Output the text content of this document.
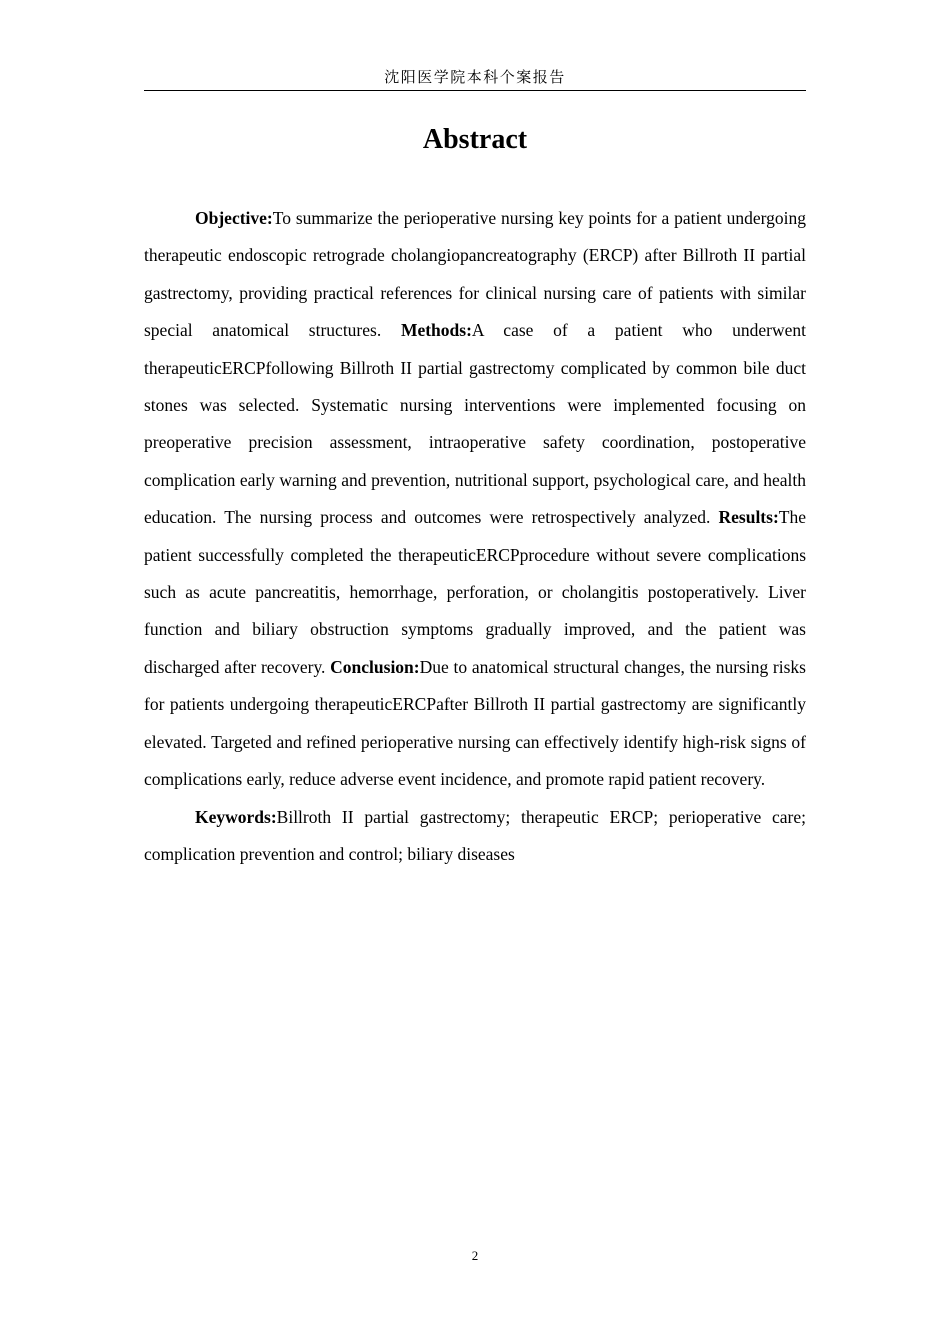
沈阳医学院本科个案报告
Abstract

Objective:To summarize the perioperative nursing key points for a patient undergoing therapeutic endoscopic retrograde cholangiopancreatography (ERCP) after Billroth II partial gastrectomy, providing practical references for clinical nursing care of patients with similar special anatomical structures. Methods:A case of a patient who underwent therapeuticERCPfollowing Billroth II partial gastrectomy complicated by common bile duct stones was selected. Systematic nursing interventions were implemented focusing on preoperative precision assessment, intraoperative safety coordination, postoperative complication early warning and prevention, nutritional support, psychological care, and health education. The nursing process and outcomes were retrospectively analyzed. Results:The patient successfully completed the therapeuticERCPprocedure without severe complications such as acute pancreatitis, hemorrhage, perforation, or cholangitis postoperatively. Liver function and biliary obstruction symptoms gradually improved, and the patient was discharged after recovery. Conclusion:Due to anatomical structural changes, the nursing risks for patients undergoing therapeuticERCPafter Billroth II partial gastrectomy are significantly elevated. Targeted and refined perioperative nursing can effectively identify high-risk signs of complications early, reduce adverse event incidence, and promote rapid patient recovery.

Keywords:Billroth II partial gastrectomy; therapeutic ERCP; perioperative care; complication prevention and control; biliary diseases

2
